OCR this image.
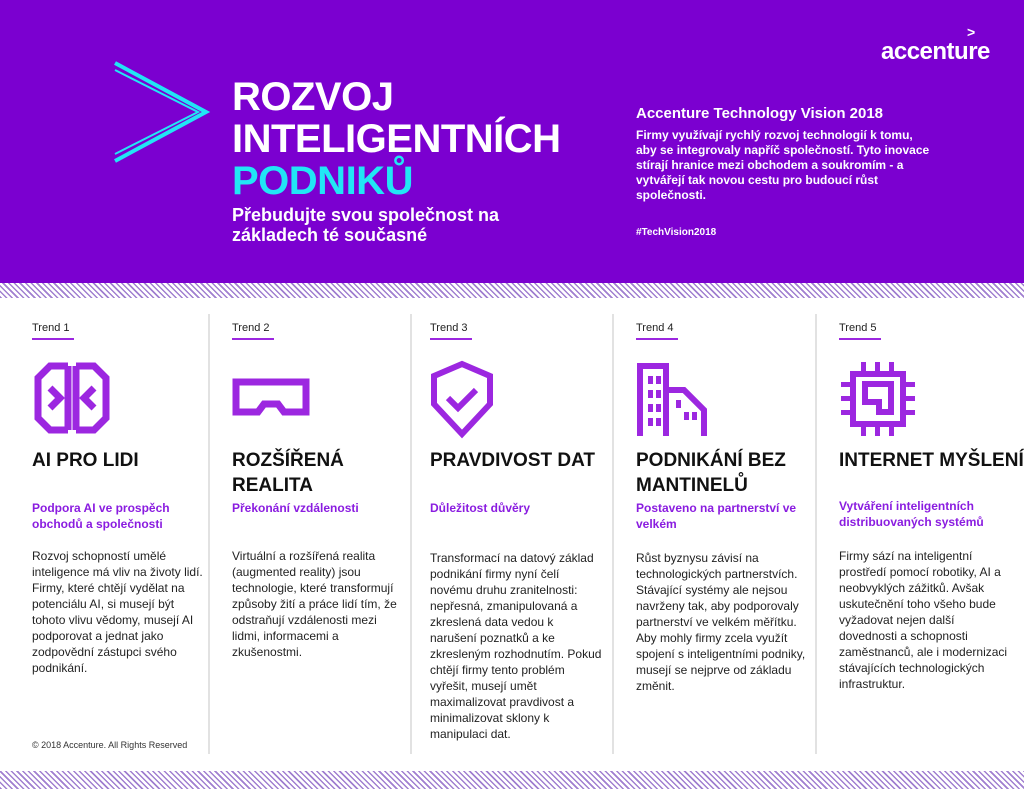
accenture
>
ROZVOJ
INTELIGENTNÍCH
PODNIKŮ
Přebudujte svou společnost na základech té současné
Accenture Technology Vision 2018
Firmy využívají rychlý rozvoj technologií k tomu, aby se integrovaly napříč společností. Tyto inovace stírají hranice mezi obchodem a soukromím - a vytvářejí tak novou cestu pro budoucí růst společnosti.
#TechVision2018
Trend 1
AI PRO LIDI
Podpora AI ve prospěch obchodů a společnosti
Rozvoj schopností umělé inteligence má vliv na životy lidí. Firmy, které chtějí vydělat na potenciálu AI, si musejí být tohoto vlivu vědomy, musejí AI podporovat a jednat jako zodpovědní zástupci svého podnikání.
Trend 2
ROZŠÍŘENÁ REALITA
Překonání vzdálenosti
Virtuální a rozšířená realita (augmented reality) jsou technologie, které transformují způsoby žití a práce lidí tím, že odstraňují vzdálenosti mezi lidmi, informacemi a zkušenostmi.
Trend 3
PRAVDIVOST DAT
Důležitost důvěry
Transformací na datový základ podnikání firmy nyní čelí novému druhu zranitelnosti: nepřesná, zmanipulovaná a zkreslená data vedou k narušení poznatků a ke zkresleným rozhodnutím. Pokud chtějí firmy tento problém vyřešit, musejí umět maximalizovat pravdivost a minimalizovat sklony k manipulaci dat.
Trend 4
PODNIKÁNÍ BEZ MANTINELŮ
Postaveno na partnerství ve velkém
Růst byznysu závisí na technologických partnerstvích. Stávající systémy ale nejsou navrženy tak, aby podporovaly partnerství ve velkém měřítku. Aby mohly firmy zcela využít spojení s inteligentními podniky, musejí se nejprve od základu změnit.
Trend 5
INTERNET MYŠLENÍ
Vytváření inteligentních distribuovaných systémů
Firmy sází na inteligentní prostředí pomocí robotiky, AI a neobvyklých zážitků. Avšak uskutečnění toho všeho bude vyžadovat nejen další dovednosti a schopnosti zaměstnanců, ale i modernizaci stávajících technologických infrastruktur.
© 2018 Accenture. All Rights Reserved
